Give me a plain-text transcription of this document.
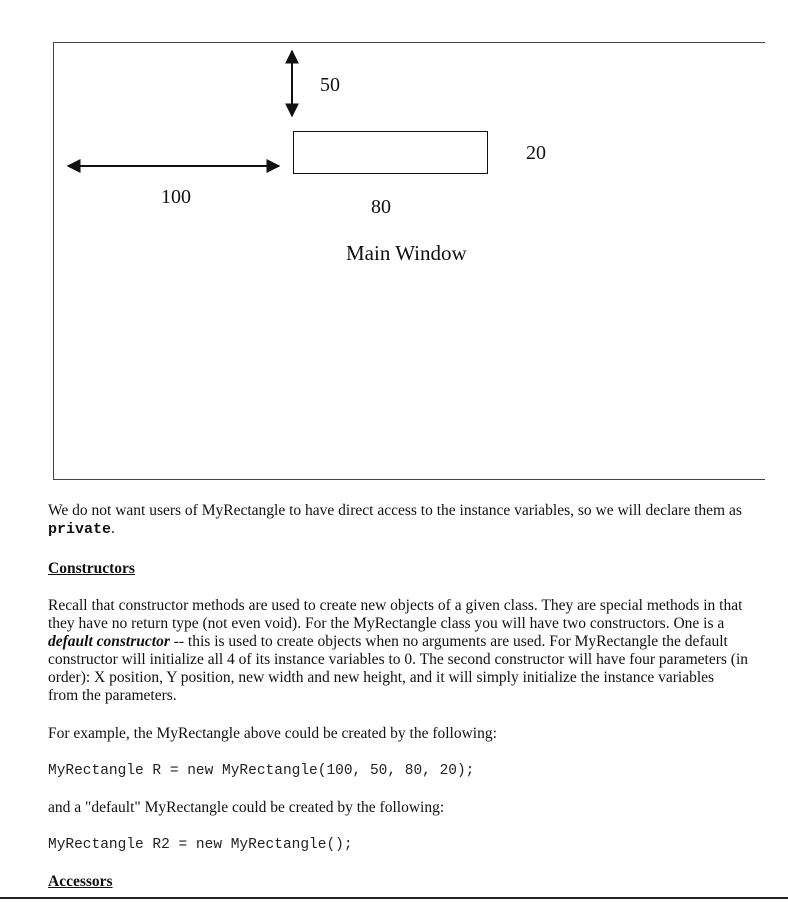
50
20
100	80
Main Window
We do not want users of MyRectangle to have direct access to the instance variables, so we will declare them as private.
Constructors
Recall that constructor methods are used to create new objects of a given class. They are special methods in that they have no return type (not even void). For the MyRectangle class you will have two constructors. One is a default constructor -- this is used to create objects when no arguments are used. For MyRectangle the default constructor will initialize all 4 of its instance variables to 0. The second constructor will have four parameters (in order): X position, Y position, new width and new height, and it will simply initialize the instance variables from the parameters.
For example, the MyRectangle above could be created by the following:
MyRectangle R = new MyRectangle(100, 50, 80, 20);
and a "default" MyRectangle could be created by the following:
MyRectangle R2 = new MyRectangle();
Accessors
